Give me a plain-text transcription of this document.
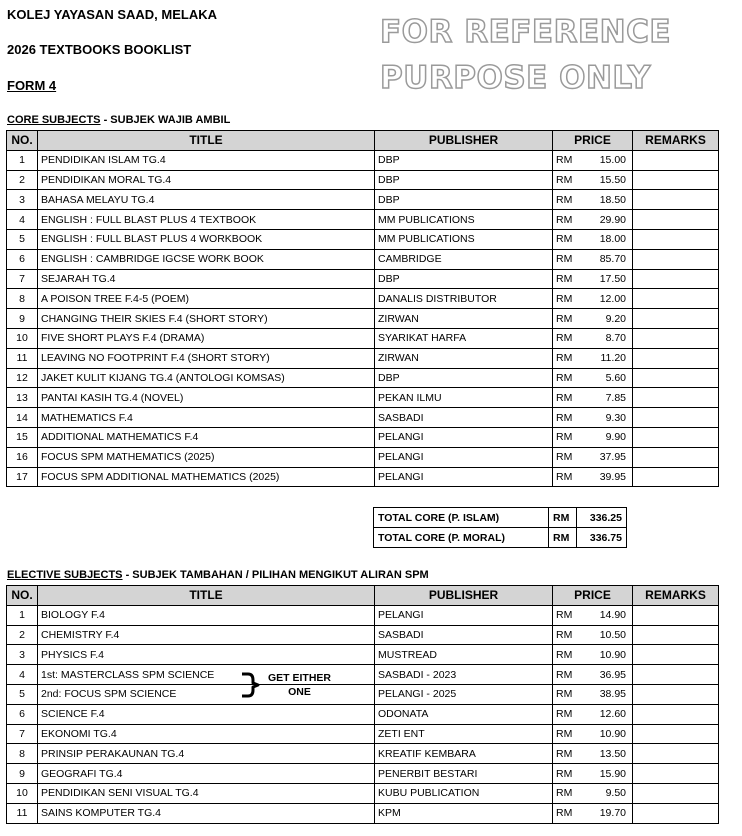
KOLEJ YAYASAN SAAD, MELAKA
2026 TEXTBOOKS BOOKLIST
FORM 4
FOR REFERENCE
PURPOSE ONLY
CORE SUBJECTS - SUBJEK WAJIB AMBIL
NO.	TITLE	PUBLISHER	PRICE	REMARKS
1	PENDIDIKAN ISLAM TG.4	DBP	RM 15.00	

2	PENDIDIKAN MORAL TG.4	DBP	RM 15.50	

3	BAHASA MELAYU TG.4	DBP	RM 18.50	

4	ENGLISH : FULL BLAST PLUS 4 TEXTBOOK	MM PUBLICATIONS	RM 29.90	

5	ENGLISH : FULL BLAST PLUS 4 WORKBOOK	MM PUBLICATIONS	RM 18.00	

6	ENGLISH : CAMBRIDGE IGCSE WORK BOOK	CAMBRIDGE	RM 85.70	

7	SEJARAH TG.4	DBP	RM 17.50	

8	A POISON TREE F.4-5 (POEM)	DANALIS DISTRIBUTOR	RM 12.00	

9	CHANGING THEIR SKIES F.4 (SHORT STORY)	ZIRWAN	RM 9.20	

10	FIVE SHORT PLAYS F.4 (DRAMA)	SYARIKAT HARFA	RM 8.70	

11	LEAVING NO FOOTPRINT F.4 (SHORT STORY)	ZIRWAN	RM 11.20	

12	JAKET KULIT KIJANG TG.4 (ANTOLOGI KOMSAS)	DBP	RM 5.60	

13	PANTAI KASIH TG.4 (NOVEL)	PEKAN ILMU	RM 7.85	

14	MATHEMATICS F.4	SASBADI	RM 9.30	

15	ADDITIONAL MATHEMATICS F.4	PELANGI	RM 9.90	

16	FOCUS SPM MATHEMATICS (2025)	PELANGI	RM 37.95	

17	FOCUS SPM ADDITIONAL MATHEMATICS (2025)	PELANGI	RM 39.95	

TOTAL CORE (P. ISLAM)	RM	336.25
TOTAL CORE (P. MORAL)	RM	336.75
ELECTIVE SUBJECTS - SUBJEK TAMBAHAN / PILIHAN MENGIKUT ALIRAN SPM
NO.	TITLE	PUBLISHER	PRICE	REMARKS
1	BIOLOGY F.4	PELANGI	RM 14.90	

2	CHEMISTRY F.4	SASBADI	RM 10.50	

3	PHYSICS F.4	MUSTREAD	RM 10.90	

4	1st: MASTERCLASS SPM SCIENCE	SASBADI - 2023	RM 36.95	

5	2nd: FOCUS SPM SCIENCE	PELANGI - 2025	RM 38.95	

6	SCIENCE F.4	ODONATA	RM 12.60	

7	EKONOMI TG.4	ZETI ENT	RM 10.90	

8	PRINSIP PERAKAUNAN TG.4	KREATIF KEMBARA	RM 13.50	

9	GEOGRAFI TG.4	PENERBIT BESTARI	RM 15.90	

10	PENDIDIKAN SENI VISUAL TG.4	KUBU PUBLICATION	RM 9.50	

11	SAINS KOMPUTER TG.4	KPM	RM 19.70	

GET EITHER
ONE
